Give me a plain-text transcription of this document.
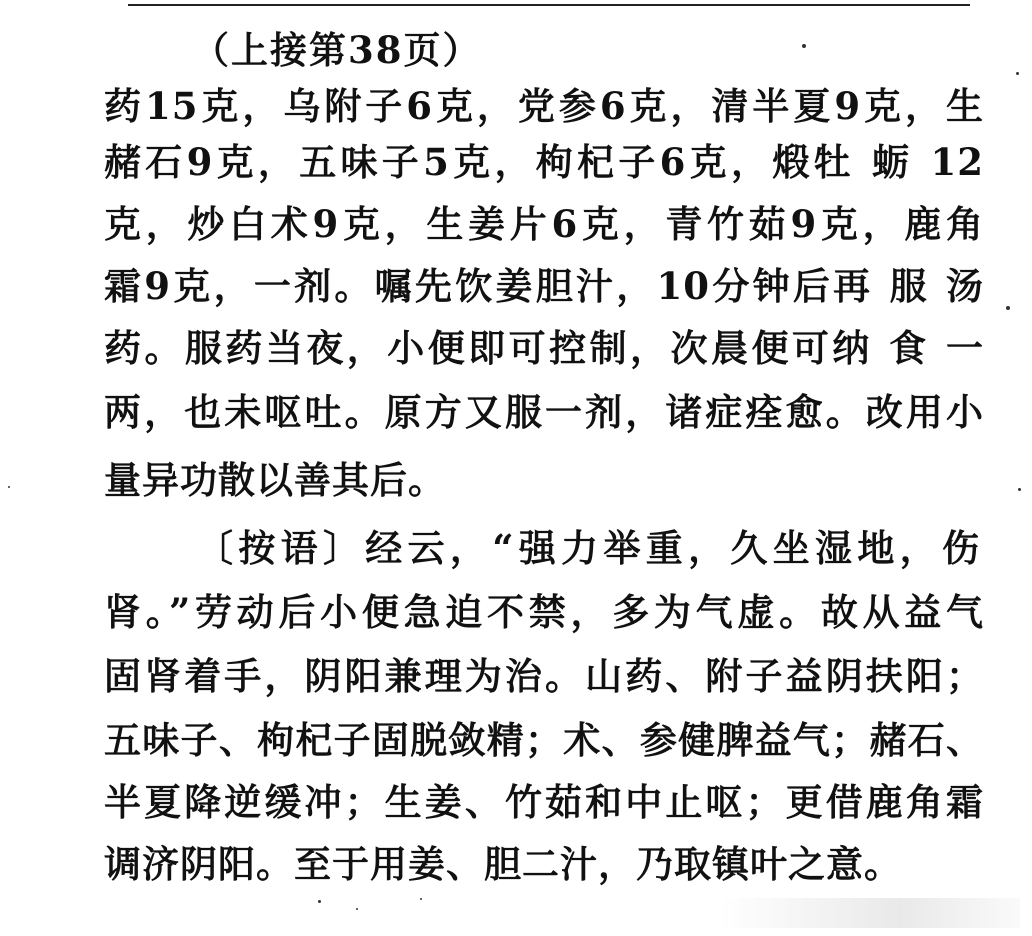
（上接第38页）
药15克，乌附子6克，党参6克，清半夏9克，生
赭石9克，五味子5克，枸杞子6克，煅牡 蛎 12
克，炒白术9克，生姜片6克，青竹茹9克，鹿角
霜9克，一剂。嘱先饮姜胆汁，10分钟后再 服 汤
药。服药当夜，小便即可控制，次晨便可纳 食 一
两，也未呕吐。原方又服一剂，诸症痊愈。改用小
量异功散以善其后。
〔按语〕经云，“强力举重，久坐湿地，伤
肾。”劳动后小便急迫不禁，多为气虚。故从益气
固肾着手，阴阳兼理为治。山药、附子益阴扶阳；
五味子、枸杞子固脱敛精；术、参健脾益气；赭石、
半夏降逆缓冲；生姜、竹茹和中止呕；更借鹿角霜
调济阴阳。至于用姜、胆二汁，乃取镇叶之意。
